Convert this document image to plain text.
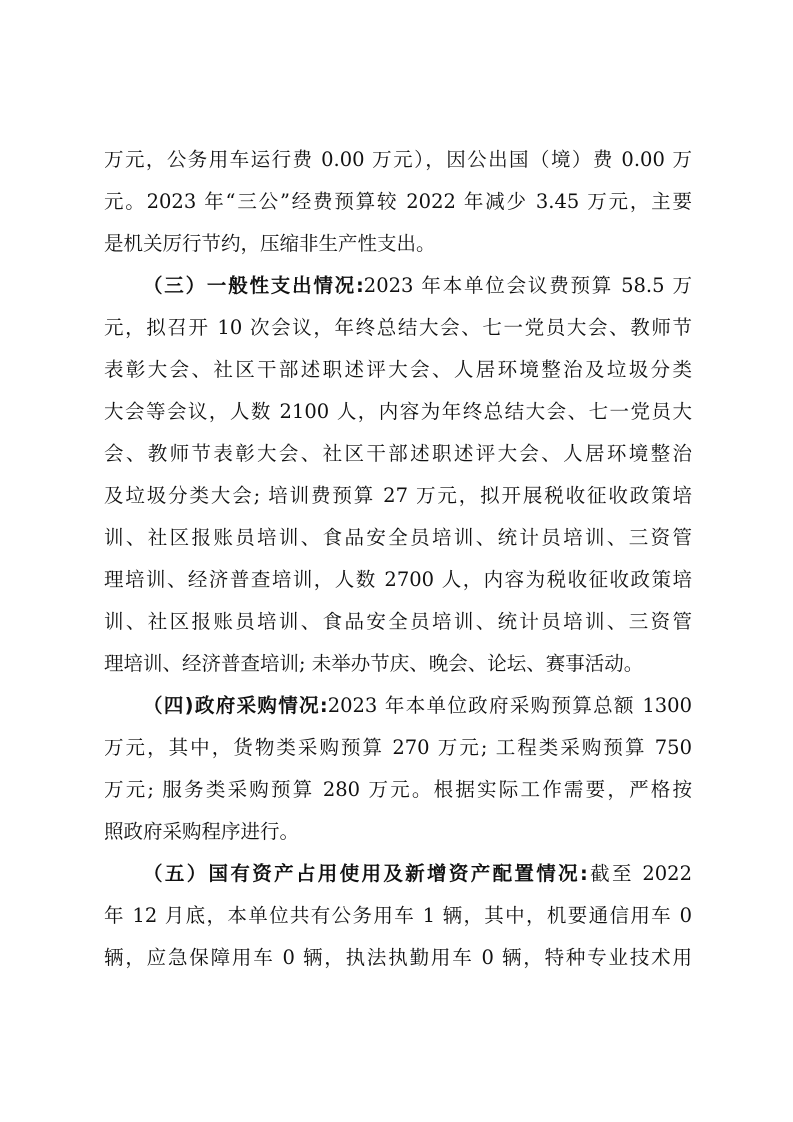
万元，公务用车运行费 0.00 万元），因公出国（境）费 0.00 万
元。2023 年“三公”经费预算较 2022 年减少 3.45 万元，主要
是机关厉行节约，压缩非生产性支出。
（三）一般性支出情况:2023 年本单位会议费预算 58.5 万
元，拟召开 10 次会议，年终总结大会、七一党员大会、教师节
表彰大会、社区干部述职述评大会、人居环境整治及垃圾分类
大会等会议，人数 2100 人，内容为年终总结大会、七一党员大
会、教师节表彰大会、社区干部述职述评大会、人居环境整治
及垃圾分类大会; 培训费预算 27 万元，拟开展税收征收政策培
训、社区报账员培训、食品安全员培训、统计员培训、三资管
理培训、经济普查培训，人数 2700 人，内容为税收征收政策培
训、社区报账员培训、食品安全员培训、统计员培训、三资管
理培训、经济普查培训; 未举办节庆、晚会、论坛、赛事活动。
（四)政府采购情况:2023 年本单位政府采购预算总额 1300
万元，其中，货物类采购预算 270 万元; 工程类采购预算 750
万元; 服务类采购预算 280 万元。根据实际工作需要，严格按
照政府采购程序进行。
（五）国有资产占用使用及新增资产配置情况:截至 2022
年 12 月底，本单位共有公务用车 1 辆，其中，机要通信用车 0
辆，应急保障用车 0 辆，执法执勤用车 0 辆，特种专业技术用
